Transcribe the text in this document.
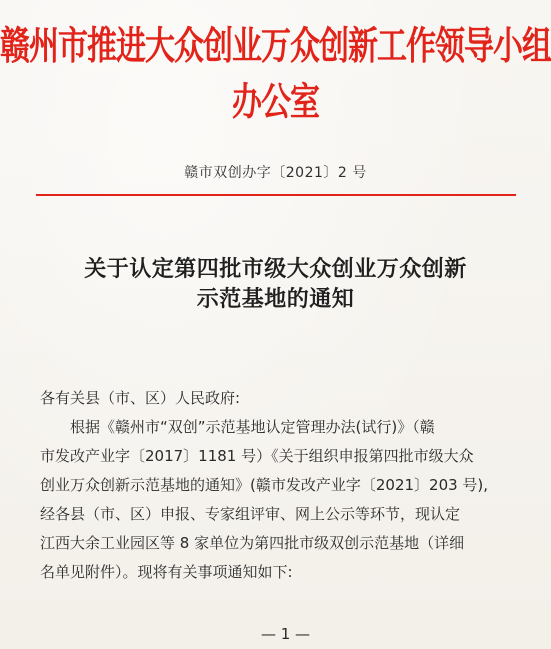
赣州市推进大众创业万众创新工作领导小组办公室
赣市双创办字〔2021〕2 号
关于认定第四批市级大众创业万众创新
示范基地的通知
各有关县（市、区）人民政府:
根据《赣州市“双创”示范基地认定管理办法(试行)》（赣
市发改产业字〔2017〕1181 号）《关于组织申报第四批市级大众
创业万众创新示范基地的通知》(赣市发改产业字〔2021〕203 号),
经各县（市、区）申报、专家组评审、网上公示等环节，现认定
江西大余工业园区等 8 家单位为第四批市级双创示范基地（详细
名单见附件）。现将有关事项通知如下:
— 1 —
